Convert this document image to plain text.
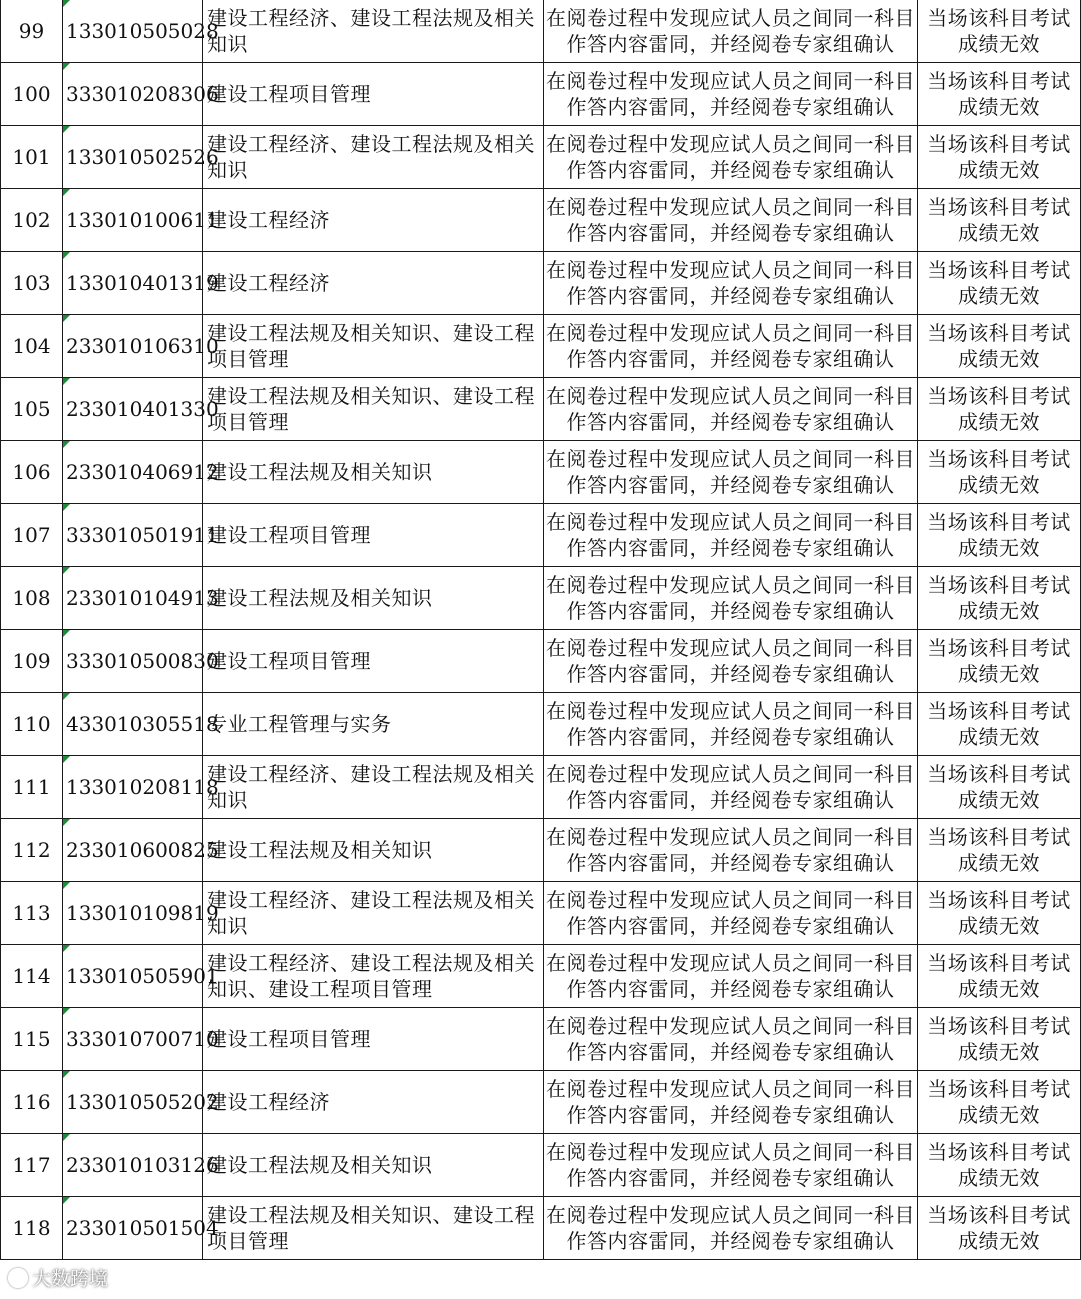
99	133010505028	建设工程经济、建设工程法规及相关知识	在阅卷过程中发现应试人员之间同一科目作答内容雷同，并经阅卷专家组确认	当场该科目考试成绩无效
100	333010208306	建设工程项目管理	在阅卷过程中发现应试人员之间同一科目作答内容雷同，并经阅卷专家组确认	当场该科目考试成绩无效
101	133010502526	建设工程经济、建设工程法规及相关知识	在阅卷过程中发现应试人员之间同一科目作答内容雷同，并经阅卷专家组确认	当场该科目考试成绩无效
102	133010100611	建设工程经济	在阅卷过程中发现应试人员之间同一科目作答内容雷同，并经阅卷专家组确认	当场该科目考试成绩无效
103	133010401319	建设工程经济	在阅卷过程中发现应试人员之间同一科目作答内容雷同，并经阅卷专家组确认	当场该科目考试成绩无效
104	233010106310	建设工程法规及相关知识、建设工程项目管理	在阅卷过程中发现应试人员之间同一科目作答内容雷同，并经阅卷专家组确认	当场该科目考试成绩无效
105	233010401330	建设工程法规及相关知识、建设工程项目管理	在阅卷过程中发现应试人员之间同一科目作答内容雷同，并经阅卷专家组确认	当场该科目考试成绩无效
106	233010406912	建设工程法规及相关知识	在阅卷过程中发现应试人员之间同一科目作答内容雷同，并经阅卷专家组确认	当场该科目考试成绩无效
107	333010501911	建设工程项目管理	在阅卷过程中发现应试人员之间同一科目作答内容雷同，并经阅卷专家组确认	当场该科目考试成绩无效
108	233010104913	建设工程法规及相关知识	在阅卷过程中发现应试人员之间同一科目作答内容雷同，并经阅卷专家组确认	当场该科目考试成绩无效
109	333010500830	建设工程项目管理	在阅卷过程中发现应试人员之间同一科目作答内容雷同，并经阅卷专家组确认	当场该科目考试成绩无效
110	433010305518	专业工程管理与实务	在阅卷过程中发现应试人员之间同一科目作答内容雷同，并经阅卷专家组确认	当场该科目考试成绩无效
111	133010208118	建设工程经济、建设工程法规及相关知识	在阅卷过程中发现应试人员之间同一科目作答内容雷同，并经阅卷专家组确认	当场该科目考试成绩无效
112	233010600825	建设工程法规及相关知识	在阅卷过程中发现应试人员之间同一科目作答内容雷同，并经阅卷专家组确认	当场该科目考试成绩无效
113	133010109819	建设工程经济、建设工程法规及相关知识	在阅卷过程中发现应试人员之间同一科目作答内容雷同，并经阅卷专家组确认	当场该科目考试成绩无效
114	133010505901	建设工程经济、建设工程法规及相关知识、建设工程项目管理	在阅卷过程中发现应试人员之间同一科目作答内容雷同，并经阅卷专家组确认	当场该科目考试成绩无效
115	333010700710	建设工程项目管理	在阅卷过程中发现应试人员之间同一科目作答内容雷同，并经阅卷专家组确认	当场该科目考试成绩无效
116	133010505202	建设工程经济	在阅卷过程中发现应试人员之间同一科目作答内容雷同，并经阅卷专家组确认	当场该科目考试成绩无效
117	233010103126	建设工程法规及相关知识	在阅卷过程中发现应试人员之间同一科目作答内容雷同，并经阅卷专家组确认	当场该科目考试成绩无效
118	233010501504	建设工程法规及相关知识、建设工程项目管理	在阅卷过程中发现应试人员之间同一科目作答内容雷同，并经阅卷专家组确认	当场该科目考试成绩无效
大数跨境
